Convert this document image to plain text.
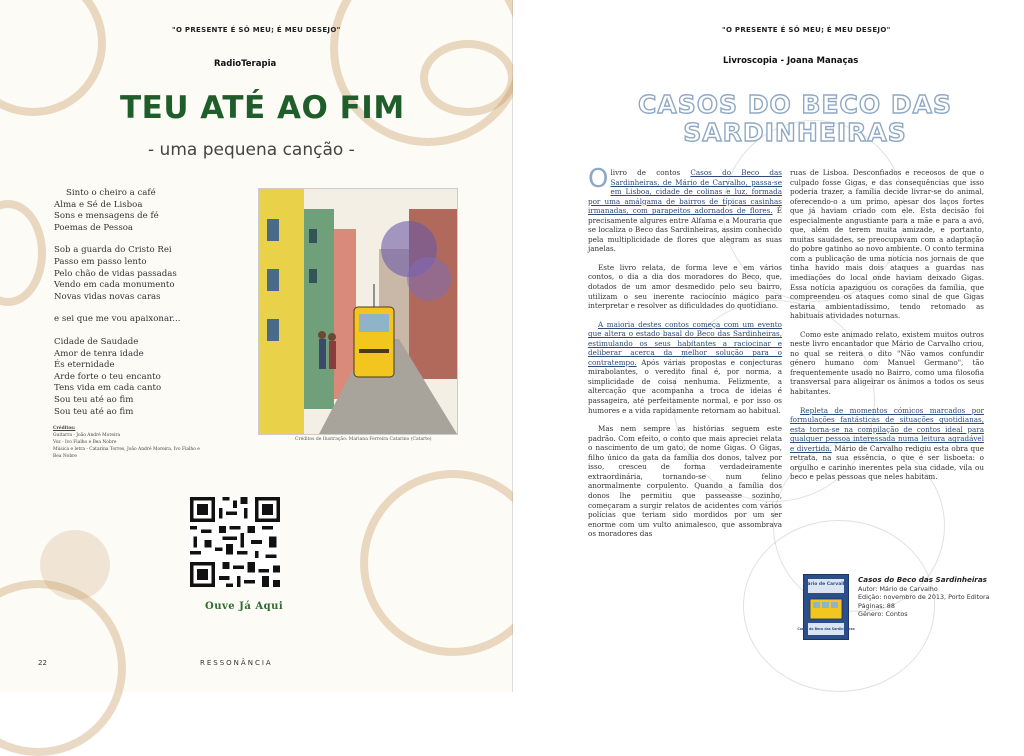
"O PRESENTE É SÓ MEU; É MEU DESEJO"
RadioTerapia
TEU ATÉ AO FIM
- uma pequena canção -
Sinto o cheiro a café
Alma e Sé de Lisboa
Sons e mensagens de fé
Poemas de Pessoa
Sob a guarda do Cristo Rei
Passo em passo lento
Pelo chão de vidas passadas
Vendo em cada monumento
Novas vidas novas caras
e sei que me vou apaixonar...
Cidade de Saudade
Amor de tenra idade
És eternidade
Arde forte o teu encanto
Tens vida em cada canto
Sou teu até ao fim
Sou teu até ao fim
Créditos de Ilustração: Mariana Ferreira Catarino (Catarte)
Créditos:
Guitarra - João André Moreira
Voz - Ivo Fialho e Bea Nobre
Música e letra - Catarina Torres, João André Moreira, Ivo Fialho e
Bea Nobre
Ouve Já Aqui
22	RESSONÂNCIA
"O PRESENTE É SÓ MEU; É MEU DESEJO"
Livroscopia - Joana Manaças
CASOS DO BECO DAS SARDINHEIRAS

Olivro de contos Casos do Beco das Sardinheiras, de Mário de Carvalho, passa-se em Lisboa, cidade de colinas e luz, formada por uma amálgama de bairros de típicas casinhas irmanadas, com parapeitos adornados de flores. É precisamente algures entre Alfama e a Mouraria que se localiza o Beco das Sardinheiras, assim conhecido pela multiplicidade de flores que alegram as suas janelas.

Este livro relata, de forma leve e em vários contos, o dia a dia dos moradores do Beco, que, dotados de um amor desmedido pelo seu bairro, utilizam o seu inerente raciocínio mágico para interpretar e resolver as dificuldades do quotidiano.

A maioria destes contos começa com um evento que altera o estado basal do Beco das Sardinheiras, estimulando os seus habitantes a raciocinar e deliberar acerca da melhor solução para o contratempo. Após várias propostas e conjecturas mirabolantes, o veredito final é, por norma, a simplicidade de coisa nenhuma. Felizmente, a altercação que acompanha a troca de ideias é passageira, até perfeitamente normal, e por isso os humores e a vida rapidamente retornam ao habitual.

Mas nem sempre as histórias seguem este padrão. Com efeito, o conto que mais apreciei relata o nascimento de um gato, de nome Gigas. O Gigas, filho único da gata da família dos donos, talvez por isso, cresceu de forma verdadeiramente extraordinária, tornando-se num felino anormalmente corpulento. Quando a família dos donos lhe permitiu que passeasse sozinho, começaram a surgir relatos de acidentes com vários polícias que teriam sido mordidos por um ser enorme com um vulto animalesco, que assombrava os moradores das

ruas de Lisboa. Desconfiados e receosos de que o culpado fosse Gigas, e das consequências que isso poderia trazer, a família decide livrar-se do animal, oferecendo-o a um primo, apesar dos laços fortes que já haviam criado com ele. Esta decisão foi especialmente angustiante para a mãe e para a avó, que, além de terem muita amizade, e portanto, muitas saudades, se preocupavam com a adaptação do pobre gatinho ao novo ambiente. O conto termina com a publicação de uma notícia nos jornais de que tinha havido mais dois ataques a guardas nas imediações do local onde haviam deixado Gigas. Essa notícia apaziguou os corações da família, que compreendeu os ataques como sinal de que Gigas estaria ambientadíssimo, tendo retomado as habituais atividades noturnas.

Como este animado relato, existem muitos outros neste livro encantador que Mário de Carvalho criou, no qual se reitera o dito "Não vamos confundir género humano com Manuel Germano", tão frequentemente usado no Bairro, como uma filosofia transversal para aligeirar os ânimos a todos os seus habitantes.

Repleta de momentos cómicos marcados por formulações fantásticas de situações quotidianas, esta torna-se na compilação de contos ideal para qualquer pessoa interessada numa leitura agradável e divertida. Mário de Carvalho redigiu esta obra que retrata, na sua essência, o que é ser lisboeta: o orgulho e carinho inerentes pela sua cidade, vila ou beco e pelas pessoas que neles habitam.

Mário de Carvalho
Casos do Beco das Sardinheiras
Casos do Beco das Sardinheiras
Autor: Mário de Carvalho
Edição: novembro de 2013, Porto Editora
Páginas: 88
Género: Contos
